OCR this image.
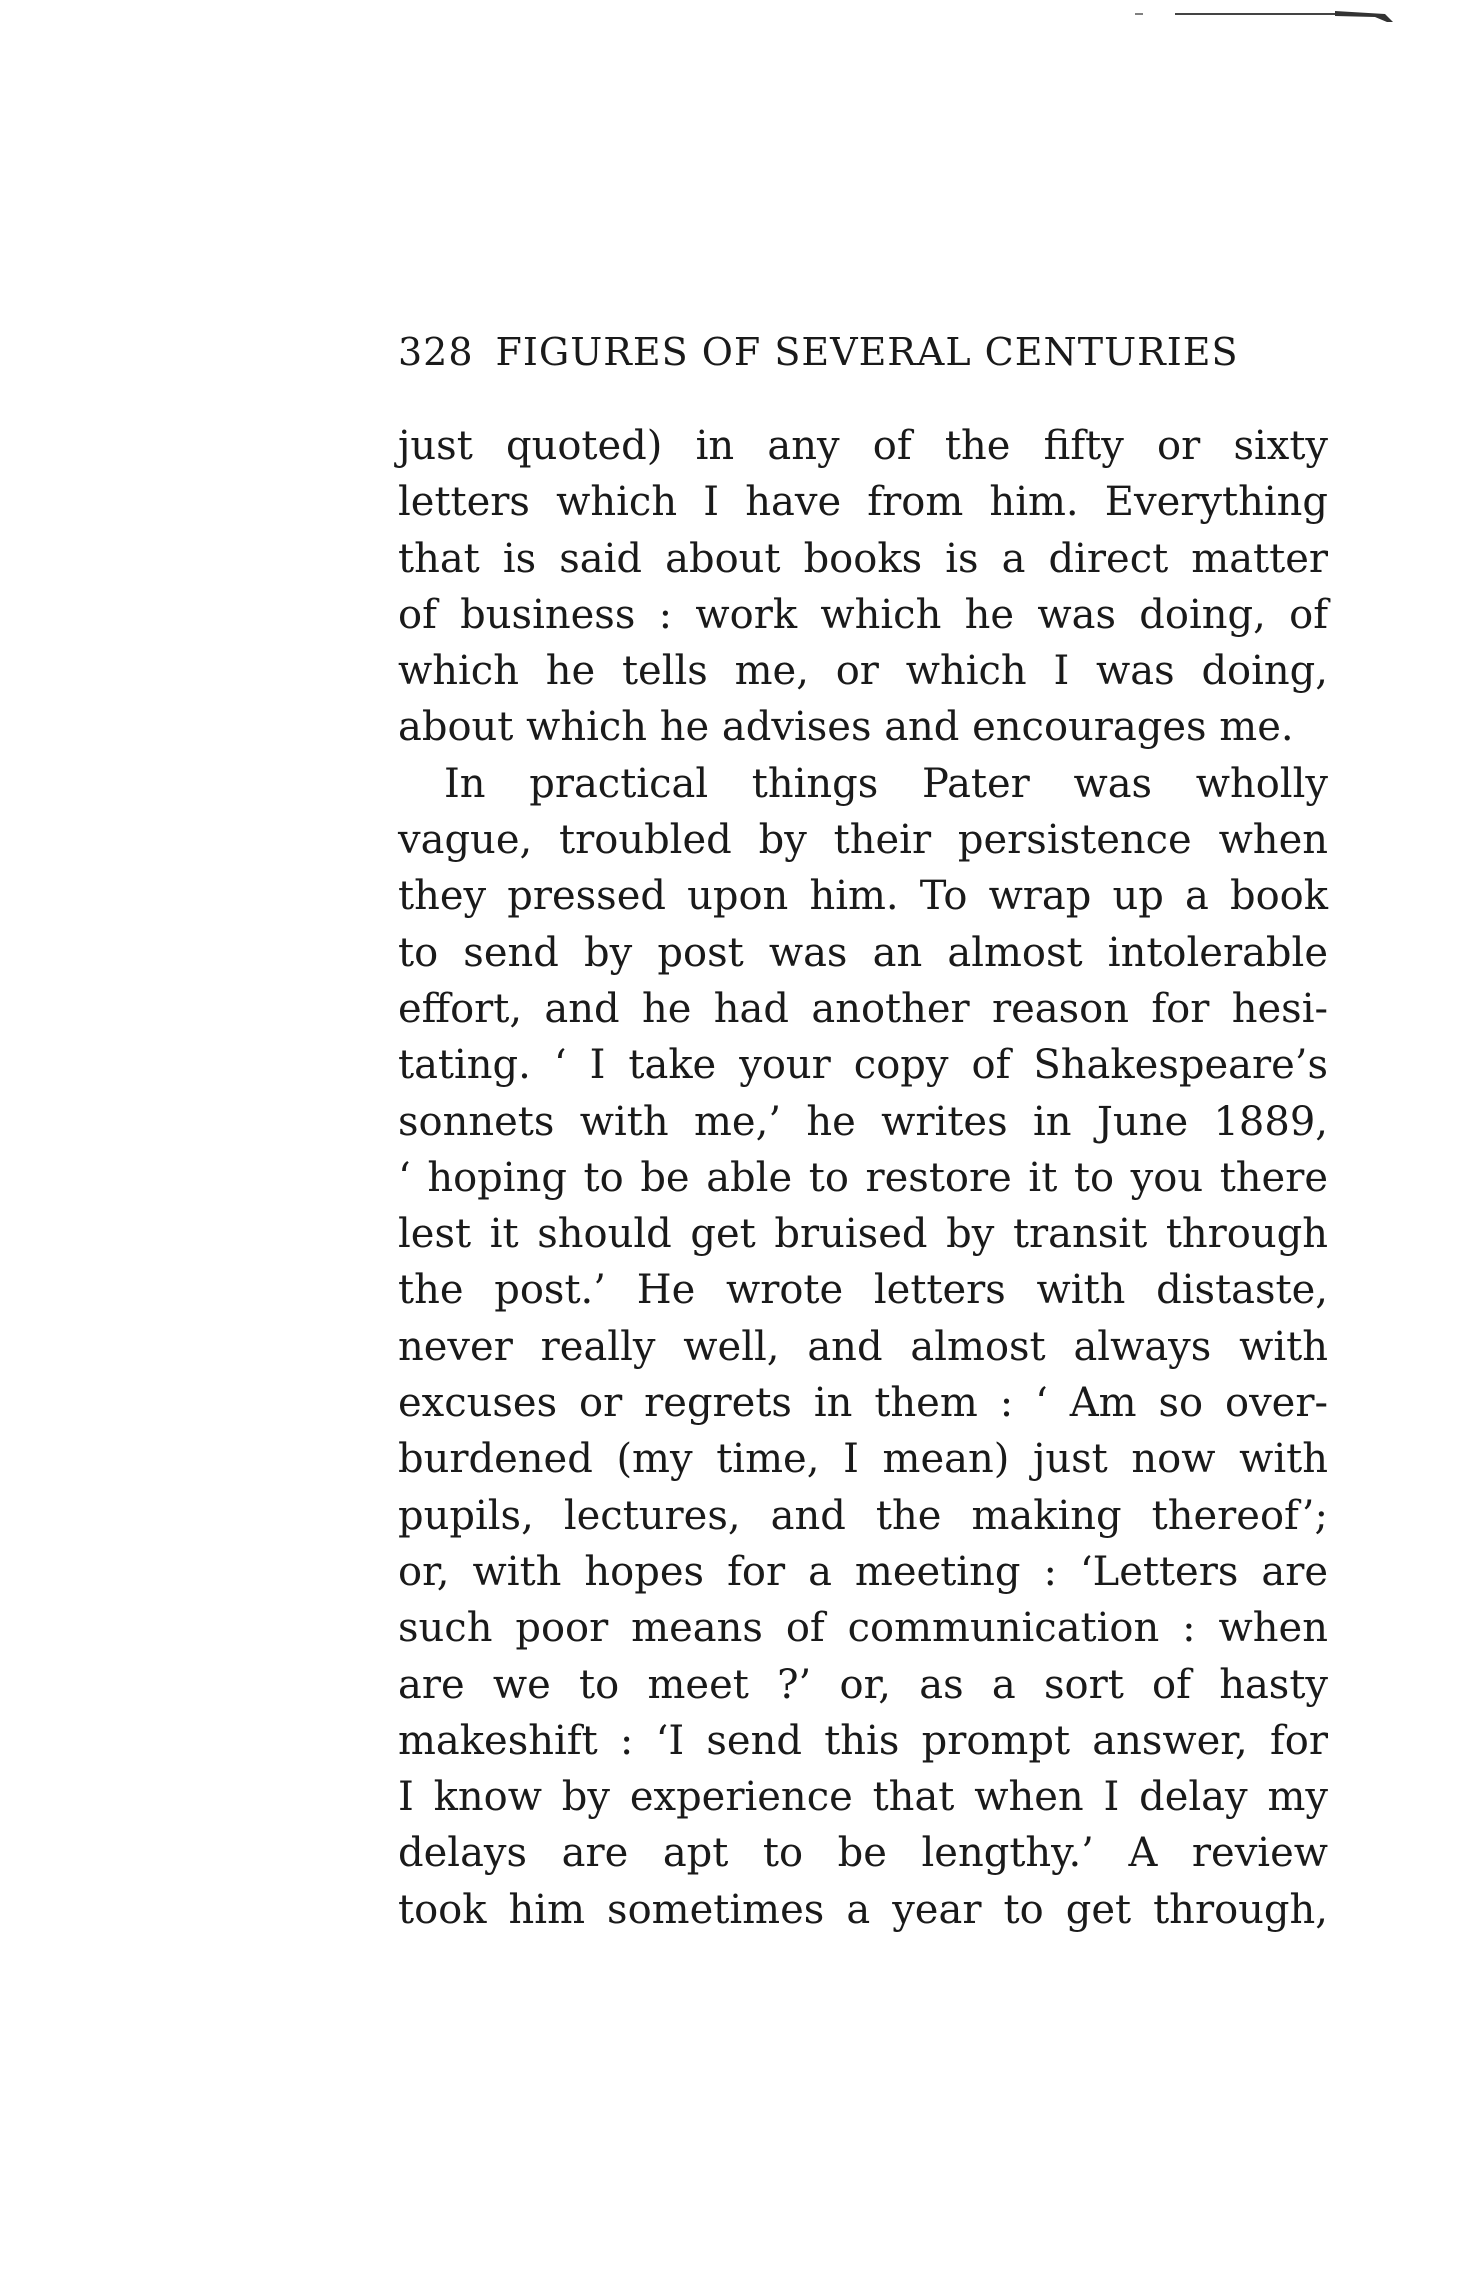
328 FIGURES OF SEVERAL CENTURIES
just quoted) in any of the fifty or sixty
letters which I have from him. Everything
that is said about books is a direct matter
of business : work which he was doing, of
which he tells me, or which I was doing,
about which he advises and encourages me.
In practical things Pater was wholly
vague, troubled by their persistence when
they pressed upon him. To wrap up a book
to send by post was an almost intolerable
effort, and he had another reason for hesi-
tating. ‘ I take your copy of Shakespeare’s
sonnets with me,’ he writes in June 1889,
‘ hoping to be able to restore it to you there
lest it should get bruised by transit through
the post.’ He wrote letters with distaste,
never really well, and almost always with
excuses or regrets in them : ‘ Am so over-
burdened (my time, I mean) just now with
pupils, lectures, and the making thereof’;
or, with hopes for a meeting : ‘Letters are
such poor means of communication : when
are we to meet ?’ or, as a sort of hasty
makeshift : ‘I send this prompt answer, for
I know by experience that when I delay my
delays are apt to be lengthy.’ A review
took him sometimes a year to get through,
